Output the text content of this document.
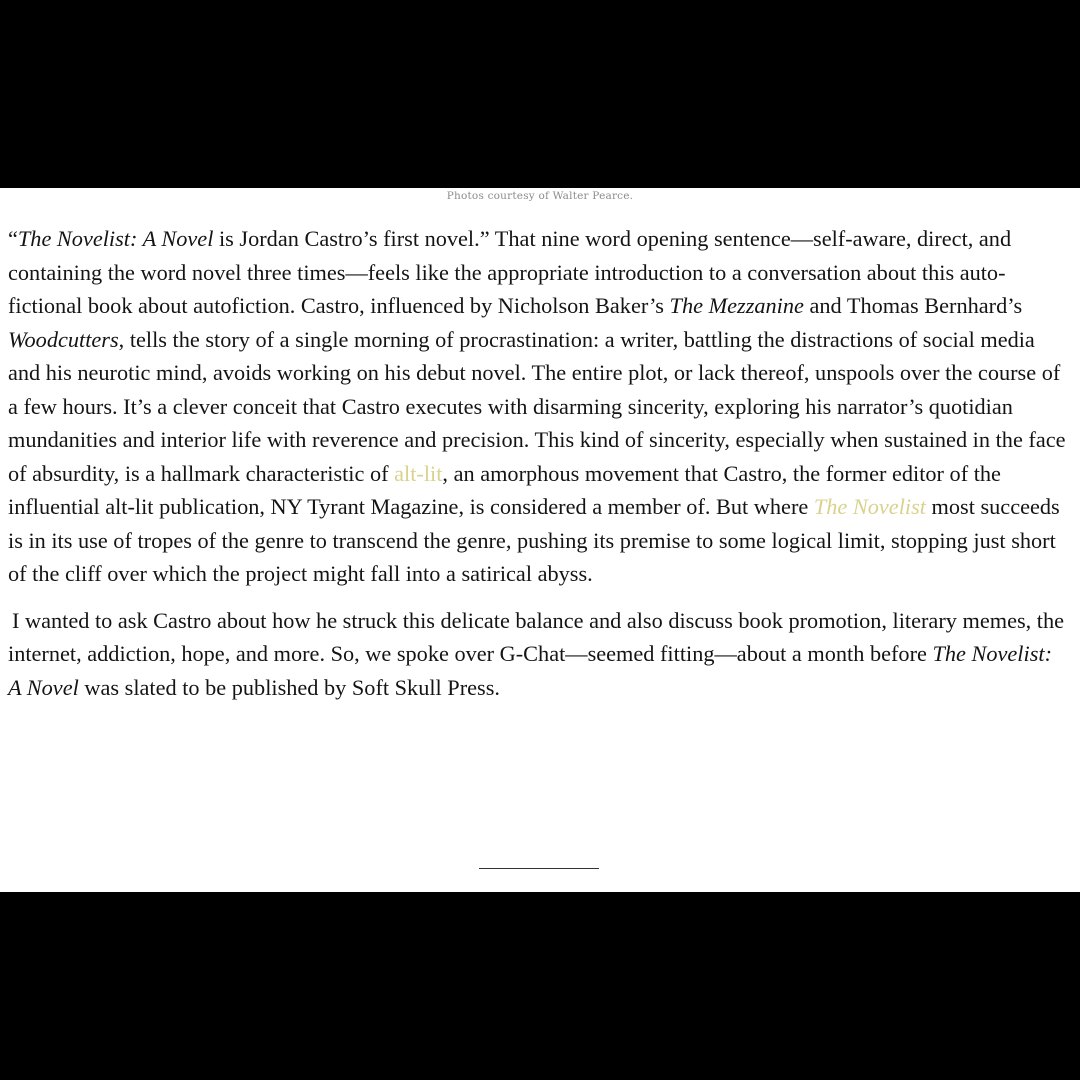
Photos courtesy of Walter Pearce.

“The Novelist: A Novel is Jordan Castro’s first novel.” That nine word opening sentence—self-aware, direct, and containing the word novel three times—feels like the appropriate introduction to a conversation about this auto-fictional book about autofiction. Castro, influenced by Nicholson Baker’s The Mezzanine and Thomas Bernhard’s Woodcutters, tells the story of a single morning of procrastination: a writer, battling the distractions of social media and his neurotic mind, avoids working on his debut novel. The entire plot, or lack thereof, unspools over the course of a few hours. It’s a clever conceit that Castro executes with disarming sincerity, exploring his narrator’s quotidian mundanities and interior life with reverence and precision. This kind of sincerity, especially when sustained in the face of absurdity, is a hallmark characteristic of alt-lit, an amorphous movement that Castro, the former editor of the influential alt-lit publication, NY Tyrant Magazine, is considered a member of. But where The Novelist most succeeds is in its use of tropes of the genre to transcend the genre, pushing its premise to some logical limit, stopping just short of the cliff over which the project might fall into a satirical abyss.

I wanted to ask Castro about how he struck this delicate balance and also discuss book promotion, literary memes, the internet, addiction, hope, and more. So, we spoke over G-Chat—seemed fitting—about a month before The Novelist: A Novel was slated to be published by Soft Skull Press.
